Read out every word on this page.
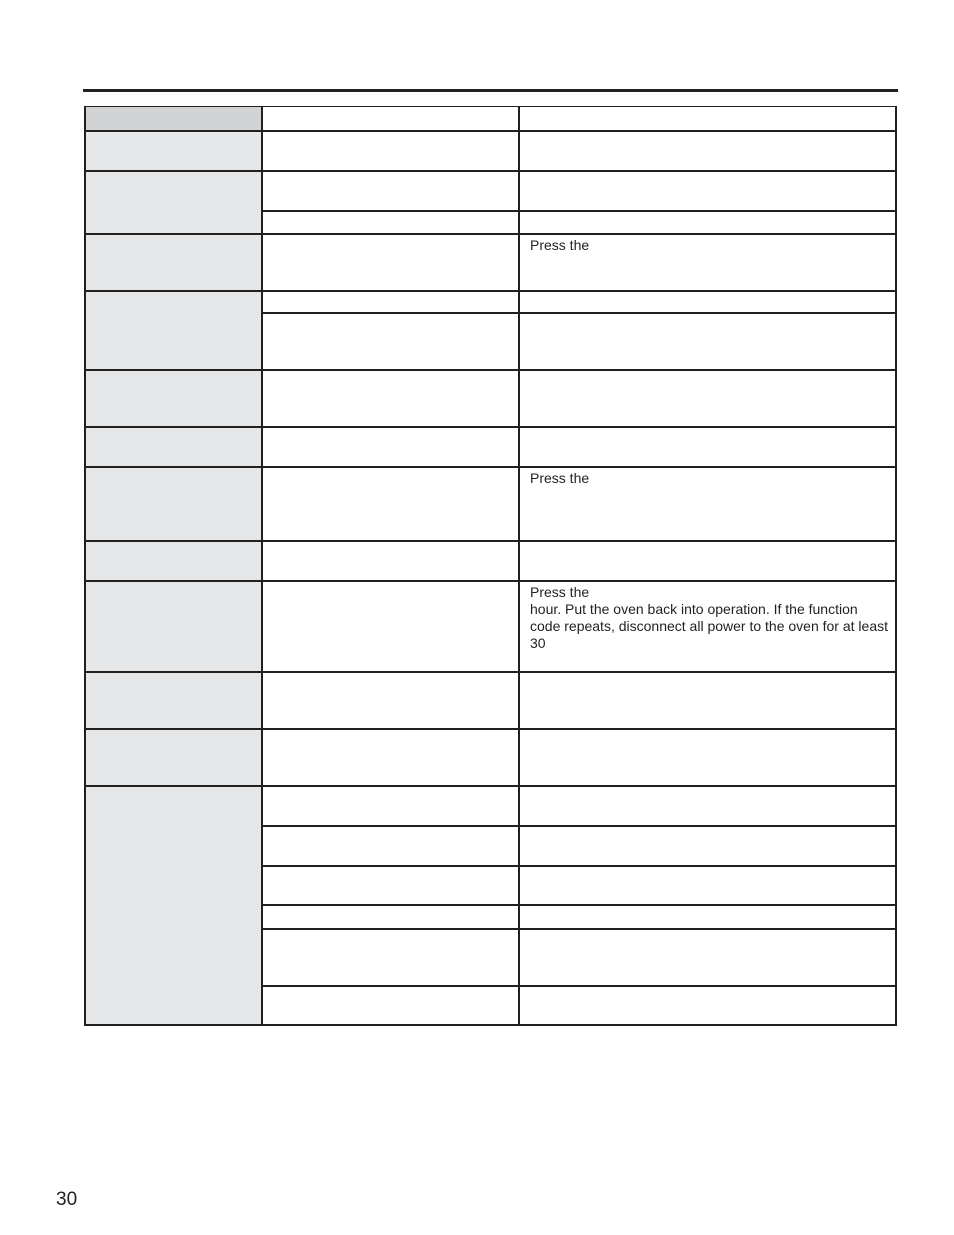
Press the
Press the
Press the
hour. Put the oven back into operation. If the function code repeats, disconnect all power to the oven for at least 30
30
